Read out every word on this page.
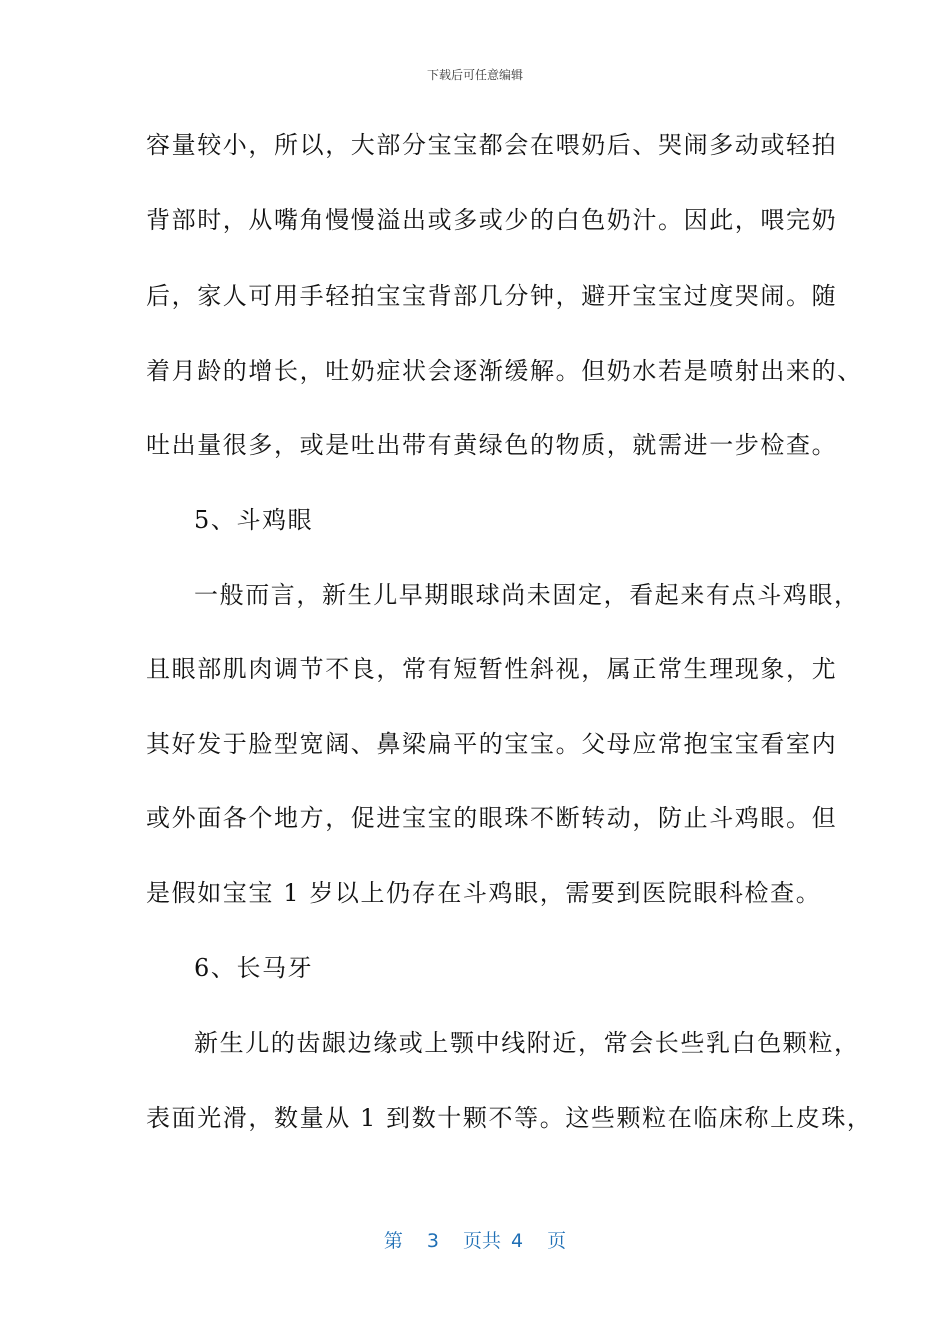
下载后可任意编辑
容量较小，所以，大部分宝宝都会在喂奶后、哭闹多动或轻拍
背部时，从嘴角慢慢溢出或多或少的白色奶汁。因此，喂完奶
后，家人可用手轻拍宝宝背部几分钟，避开宝宝过度哭闹。随
着月龄的增长，吐奶症状会逐渐缓解。但奶水若是喷射出来的、
吐出量很多，或是吐出带有黄绿色的物质，就需进一步检查。
5、斗鸡眼
一般而言，新生儿早期眼球尚未固定，看起来有点斗鸡眼，
且眼部肌肉调节不良，常有短暂性斜视，属正常生理现象，尤
其好发于脸型宽阔、鼻梁扁平的宝宝。父母应常抱宝宝看室内
或外面各个地方，促进宝宝的眼珠不断转动，防止斗鸡眼。但
是假如宝宝 1 岁以上仍存在斗鸡眼，需要到医院眼科检查。
6、长马牙
新生儿的齿龈边缘或上颚中线附近，常会长些乳白色颗粒，
表面光滑，数量从 1 到数十颗不等。这些颗粒在临床称上皮珠，
第 3 页共 4 页
